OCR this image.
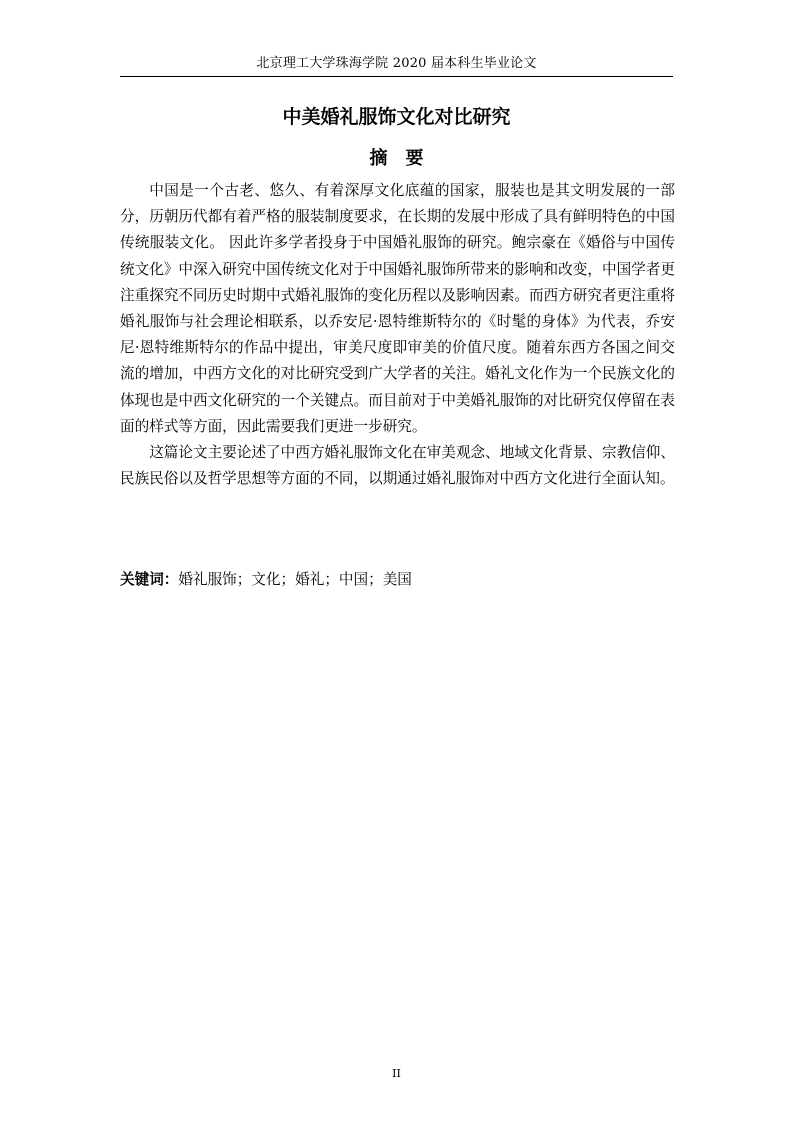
北京理工大学珠海学院 2020 届本科生毕业论文
中美婚礼服饰文化对比研究
摘要

中国是一个古老、悠久、有着深厚文化底蕴的国家，服装也是其文明发展的一部分，历朝历代都有着严格的服装制度要求，在长期的发展中形成了具有鲜明特色的中国传统服装文化。 因此许多学者投身于中国婚礼服饰的研究。鲍宗豪在《婚俗与中国传统文化》中深入研究中国传统文化对于中国婚礼服饰所带来的影响和改变，中国学者更注重探究不同历史时期中式婚礼服饰的变化历程以及影响因素。而西方研究者更注重将婚礼服饰与社会理论相联系，以乔安尼·恩特维斯特尔的《时髦的身体》为代表，乔安尼·恩特维斯特尔的作品中提出，审美尺度即审美的价值尺度。随着东西方各国之间交流的增加，中西方文化的对比研究受到广大学者的关注。婚礼文化作为一个民族文化的体现也是中西文化研究的一个关键点。而目前对于中美婚礼服饰的对比研究仅停留在表面的样式等方面，因此需要我们更进一步研究。

这篇论文主要论述了中西方婚礼服饰文化在审美观念、地域文化背景、宗教信仰、民族民俗以及哲学思想等方面的不同，以期通过婚礼服饰对中西方文化进行全面认知。

关键词：婚礼服饰；文化；婚礼；中国；美国
II
